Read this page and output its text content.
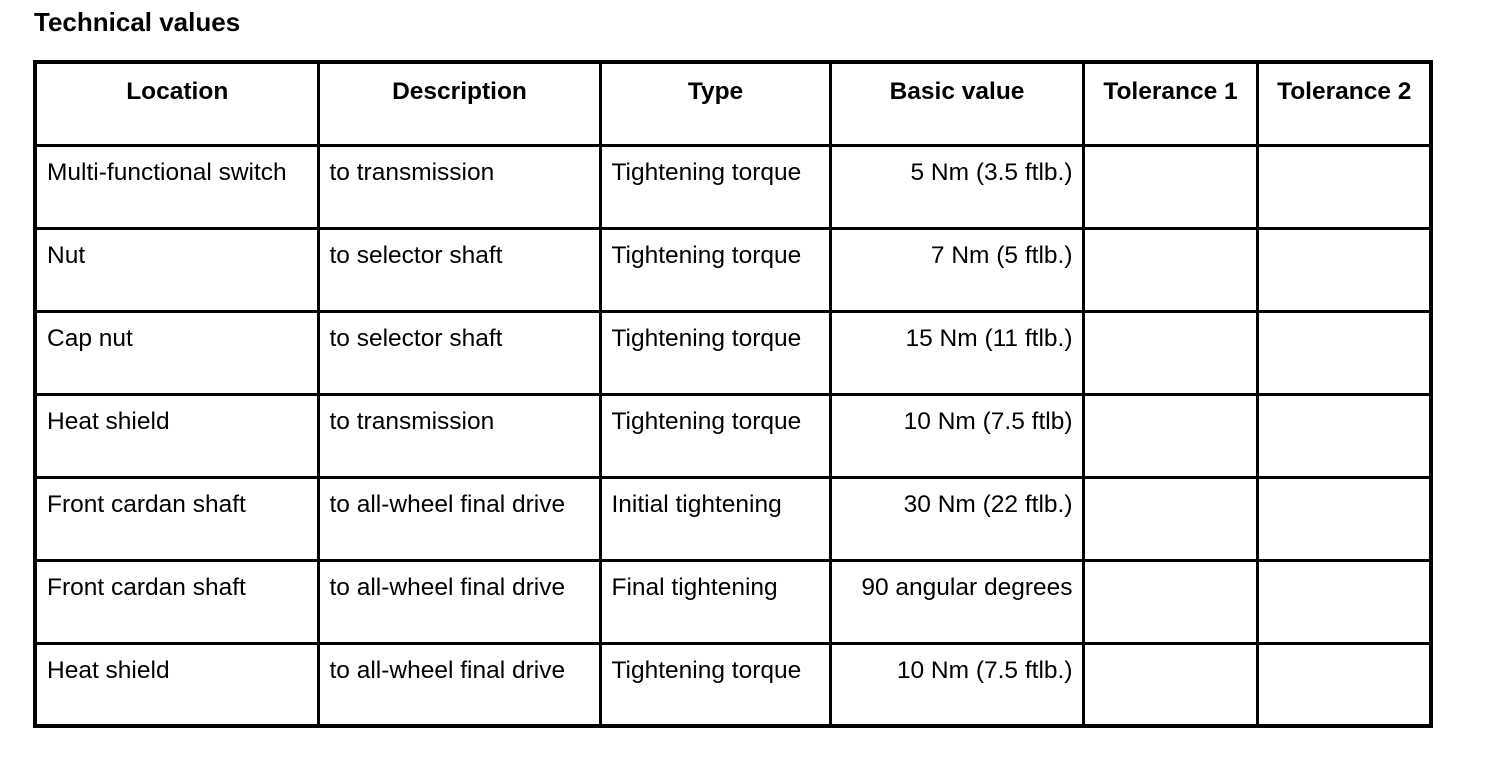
Technical values
Location	Description	Type	Basic value	Tolerance 1	Tolerance 2
Multi-functional switch	to transmission	Tightening torque	5 Nm (3.5 ftlb.)		
Nut	to selector shaft	Tightening torque	7 Nm (5 ftlb.)		
Cap nut	to selector shaft	Tightening torque	15 Nm (11 ftlb.)		
Heat shield	to transmission	Tightening torque	10 Nm (7.5 ftlb)		
Front cardan shaft	to all-wheel final drive	Initial tightening	30 Nm (22 ftlb.)		
Front cardan shaft	to all-wheel final drive	Final tightening	90 angular degrees		
Heat shield	to all-wheel final drive	Tightening torque	10 Nm (7.5 ftlb.)		
